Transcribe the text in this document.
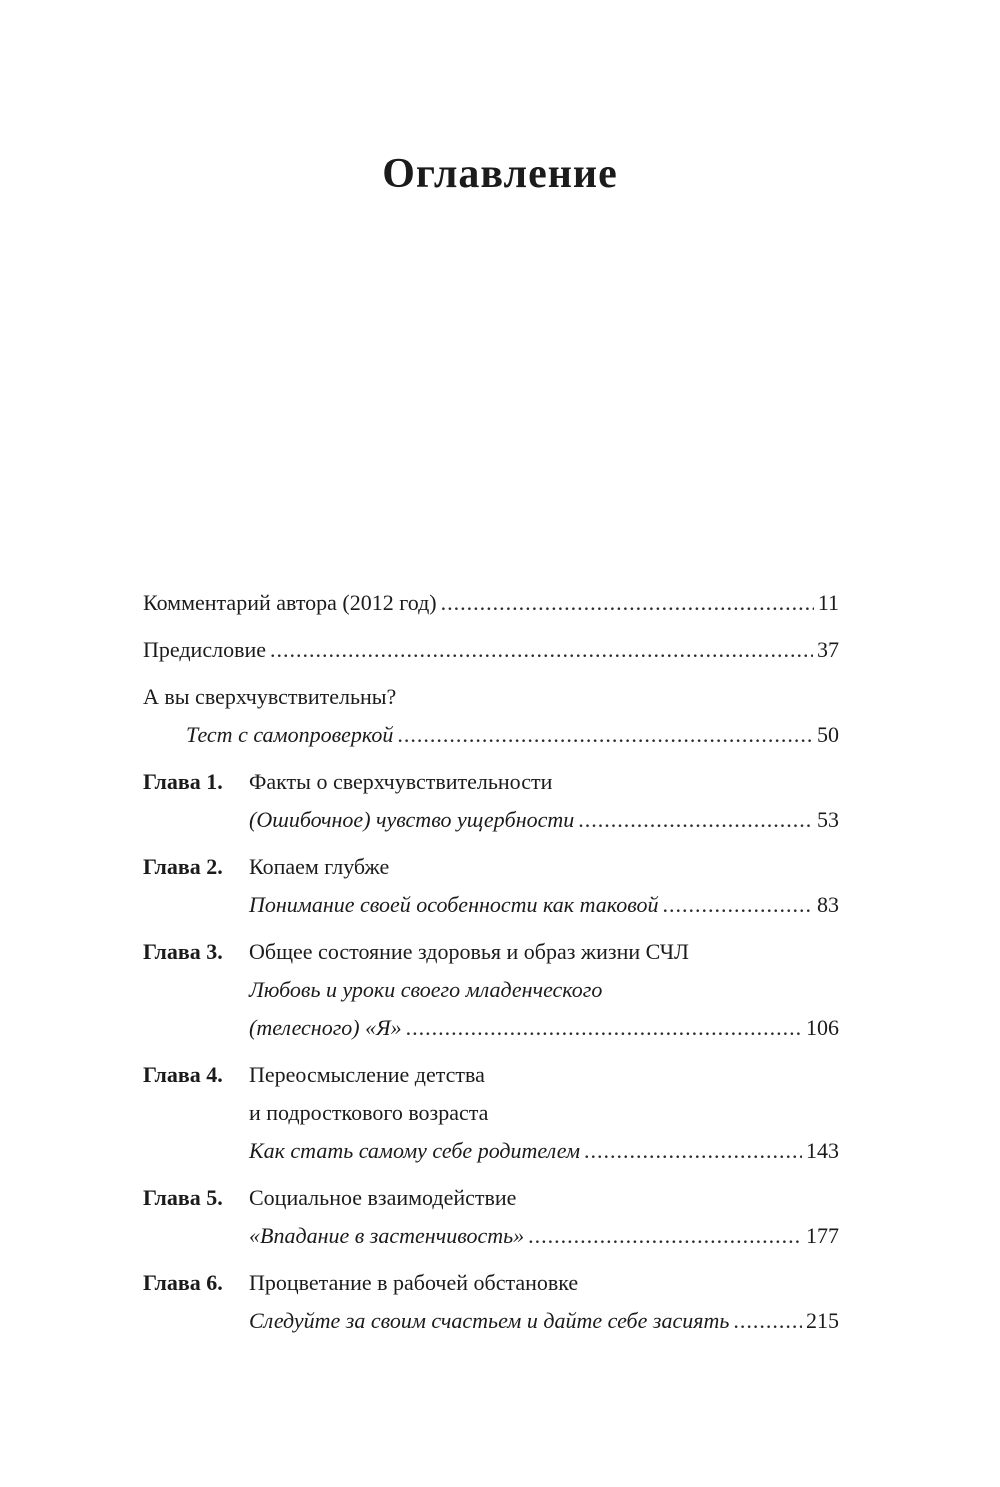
Оглавление
Комментарий автора (2012 год) .....	11
Предисловие .....	37
А вы сверхчувствительны?
Тест с самопроверкой .....	50
Глава 1.	Факты о сверхчувствительности
(Ошибочное) чувство ущербности .....	53
Глава 2.	Копаем глубже
Понимание своей особенности как таковой .....	83
Глава 3.	Общее состояние здоровья и образ жизни СЧЛ
Любовь и уроки своего младенческого
(телесного) «Я» .....	106
Глава 4.	Переосмысление детства
и подросткового возраста
Как стать самому себе родителем .....	143
Глава 5.	Социальное взаимодействие
«Впадание в застенчивость» .....	177
Глава 6.	Процветание в рабочей обстановке
Следуйте за своим счастьем и дайте себе засиять .....	215
